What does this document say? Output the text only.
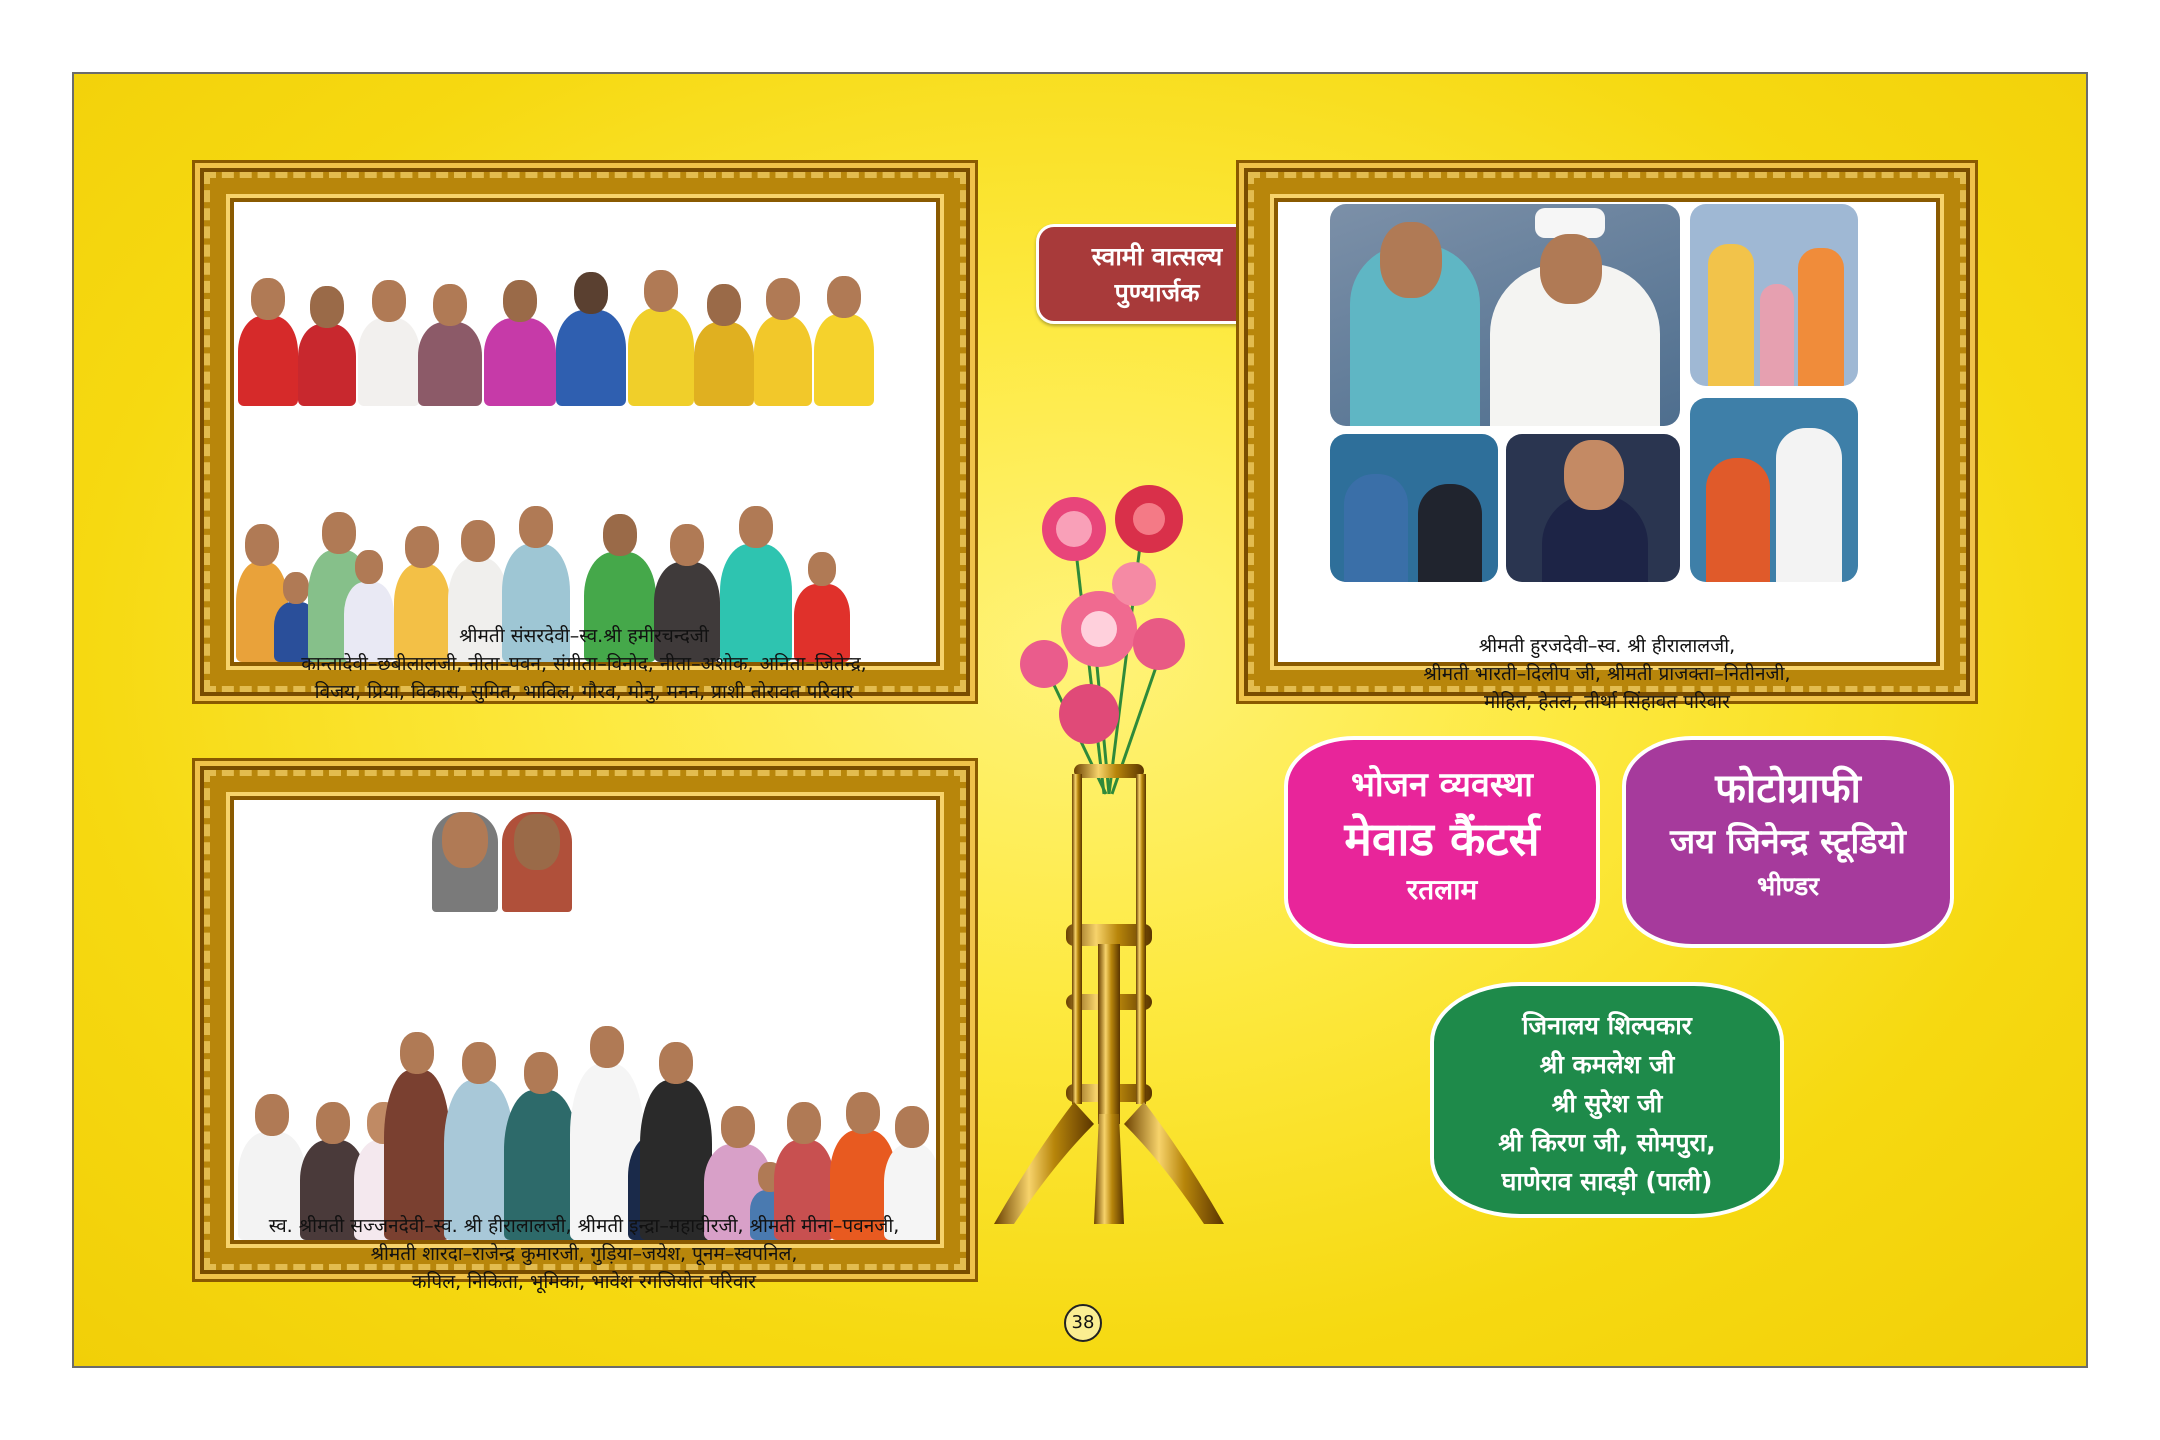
श्रीमती संसरदेवी–स्व.श्री हमीरचन्दजी
कान्तादेवी–छबीलालजी, नीता–पवन, संगीता–विनोद, नीता–अशोक, अनिता–जितेन्द्र,
विजय, प्रिया, विकास, सुमित, भाविल, गौरव, मोनु, मनन, प्राशी तोरावत परिवार
स्वामी वात्सल्य
पुण्यार्जक
श्रीमती हुरजदेवी–स्व. श्री हीरालालजी,
श्रीमती भारती–दिलीप जी, श्रीमती प्राजक्ता–नितीनजी,
मोहित, हेतल, तीर्था सिंहावत परिवार
भोजन व्यवस्था
मेवाड कैंटर्स
रतलाम
फोटोग्राफी
जय जिनेन्द्र स्टूडियो
भीण्डर
जिनालय शिल्पकार
श्री कमलेश जी
श्री सुरेश जी
श्री किरण जी, सोमपुरा,
घाणेराव सादड़ी (पाली)
स्व. श्रीमती सज्जनदेवी–स्व. श्री हीरालालजी, श्रीमती इन्द्रा–महावीरजी, श्रीमती मीना–पवनजी,
श्रीमती शारदा–राजेन्द्र कुमारजी, गुड़िया–जयेश, पूनम–स्वपनिल,
कपिल, निकिता, भूमिका, भावेश रगजियोत परिवार
38
